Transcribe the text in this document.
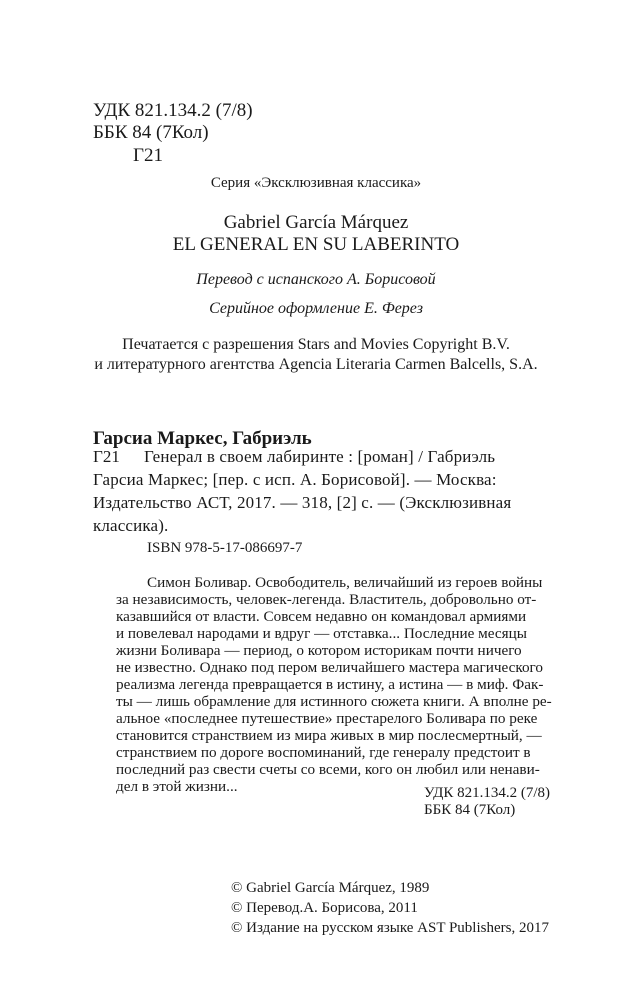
УДК 821.134.2 (7/8)
ББК 84 (7Кол)
Г21
Серия «Эксклюзивная классика»
Gabriel García Márquez
EL GENERAL EN SU LABERINTO
Перевод с испанского А. Борисовой
Серийное оформление Е. Ферез
Печатается с разрешения Stars and Movies Copyright B.V.
и литературного агентства Agencia Literaria Carmen Balcells, S.A.
Гарсиа Маркес, Габриэль
Г21 Генерал в своем лабиринте : [роман] / Габриэль
Гарсиа Маркес; [пер. с исп. А. Борисовой]. — Москва:
Издательство АСТ, 2017. — 318, [2] с. — (Эксклюзивная
классика).
ISBN 978-5-17-086697-7
Симон Боливар. Освободитель, величайший из героев войны
за независимость, человек-легенда. Властитель, добровольно от-
казавшийся от власти. Совсем недавно он командовал армиями
и повелевал народами и вдруг — отставка... Последние месяцы
жизни Боливара — период, о котором историкам почти ничего
не известно. Однако под пером величайшего мастера магического
реализма легенда превращается в истину, а истина — в миф. Фак-
ты — лишь обрамление для истинного сюжета книги. А вполне ре-
альное «последнее путешествие» престарелого Боливара по реке
становится странствием из мира живых в мир послесмертный, —
странствием по дороге воспоминаний, где генералу предстоит в
последний раз свести счеты со всеми, кого он любил или ненави-
дел в этой жизни...	УДК 821.134.2 (7/8)
ББК 84 (7Кол)
© Gabriel García Márquez, 1989
© Перевод.А. Борисова, 2011
© Издание на русском языке AST Publishers, 2017
